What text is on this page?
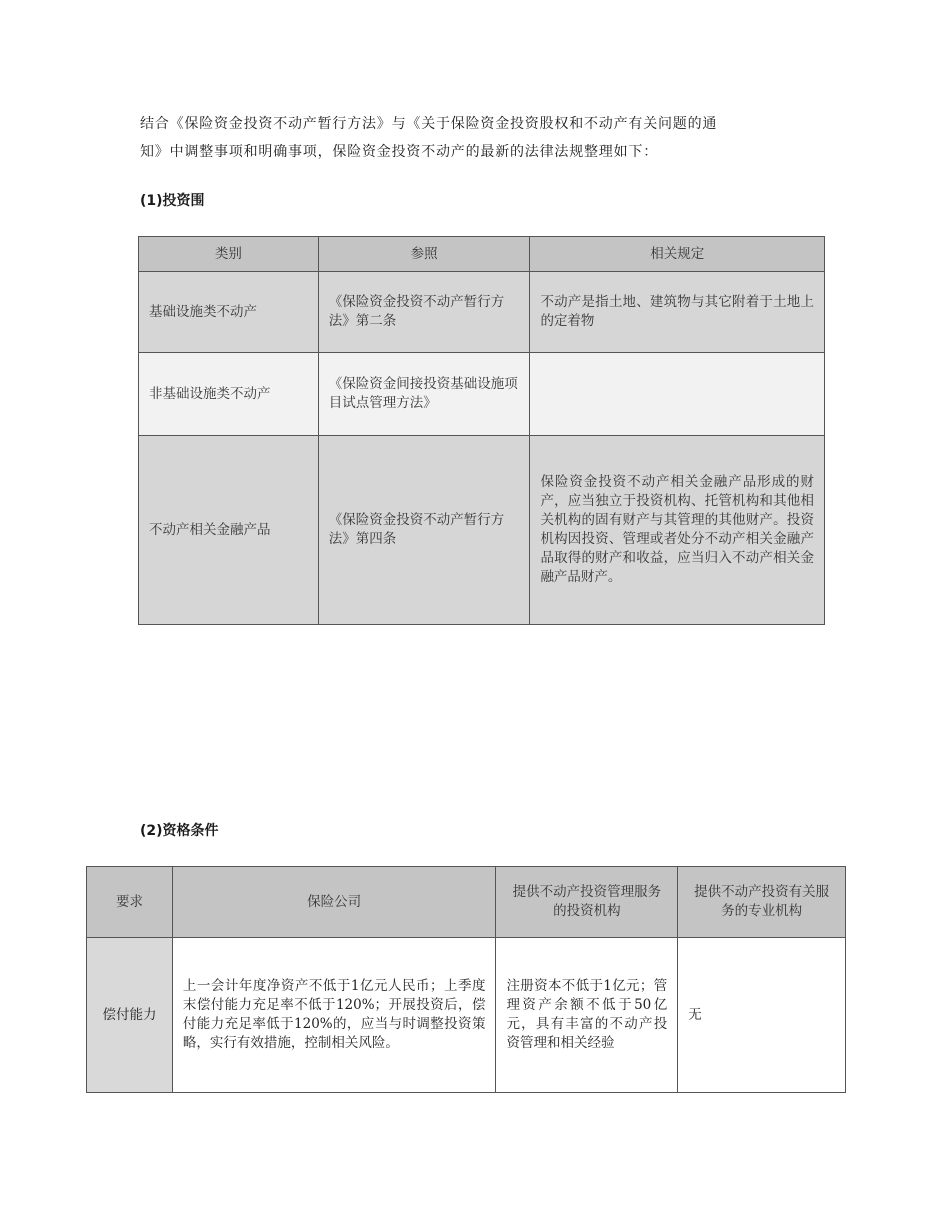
结合《保险资金投资不动产暂行方法》与《关于保险资金投资股权和不动产有关问题的通
知》中调整事项和明确事项，保险资金投资不动产的最新的法律法规整理如下：
(1)投资围
类别	参照	相关规定
基础设施类不动产	《保险资金投资不动产暂行方法》第二条	不动产是指土地、建筑物与其它附着于土地上的定着物
非基础设施类不动产	《保险资金间接投资基础设施项目试点管理方法》	
不动产相关金融产品	《保险资金投资不动产暂行方法》第四条	保险资金投资不动产相关金融产品形成的财产，应当独立于投资机构、托管机构和其他相关机构的固有财产与其管理的其他财产。投资机构因投资、管理或者处分不动产相关金融产品取得的财产和收益，应当归入不动产相关金融产品财产。
(2)资格条件
要求	保险公司	提供不动产投资管理服务的投资机构	提供不动产投资有关服务的专业机构
偿付能力	上一会计年度净资产不低于1亿元人民币；上季度末偿付能力充足率不低于120%；开展投资后，偿付能力充足率低于120%的，应当与时调整投资策略，实行有效措施，控制相关风险。	注册资本不低于1亿元；管理资产余额不低于50亿元，具有丰富的不动产投资管理和相关经验	无
